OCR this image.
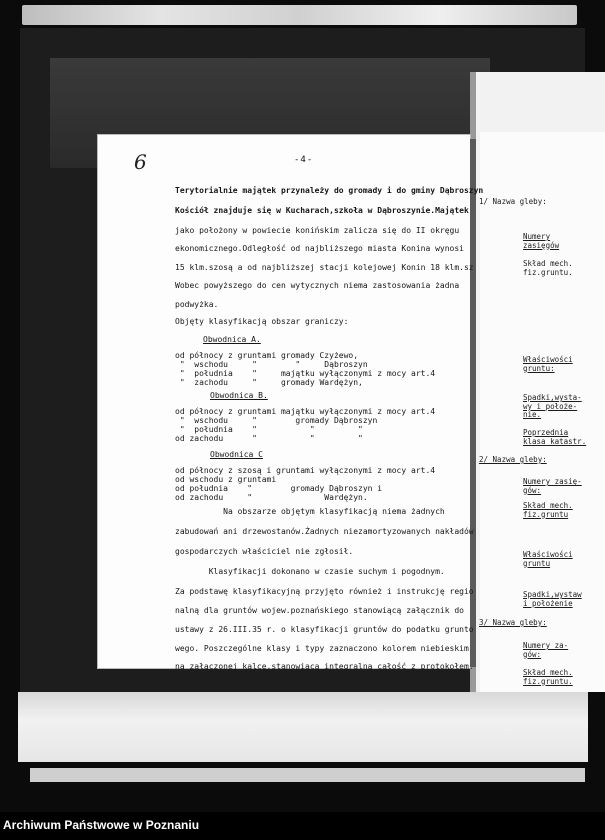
1/ Nazwa gleby:
Numery
zasięgów
Skład mech.
fiz.gruntu.
Właściwości
gruntu:
Spadki,wysta-
wy i położe-
nie.
Poprzednia
klasa katastr.
2/ Nazwa gleby:
Numery zasię-
gów:
Skład mech.
fiz.gruntu
Właściwości
gruntu
Spadki,wystaw
i położenie
3/ Nazwa gleby:
Numery za-
gów:
Skład mech.
fiz.gruntu.
6	-4-
Terytorialnie majątek przynależy do gromady i do gminy Dąbroszyn
Kościół znajduje się w Kucharach,szkoła w Dąbroszynie.Majątek
jako położony w powiecie konińskim zalicza się do II okręgu
ekonomicznego.Odległość od najbliższego miasta Konina wynosi
15 klm.szosą a od najbliższej stacji kolejowej Konin 18 klm.sz
Wobec powyższego do cen wytycznych niema zastosowania żadna
podwyżka.
Objęty klasyfikacją obszar graniczy:
Obwodnica A.
od północy z gruntami gromady Czyżewo,
"  wschodu     "        "     Dąbroszyn
"  południa    "     majątku wyłączonymi z mocy art.4
"  zachodu     "     gromady Wardężyn,
Obwodnica B.
od północy z gruntami majątku wyłączonymi z mocy art.4
"  wschodu     "        gromady Dąbroszyn
"  południa    "           "         "
od zachodu      "           "         "
Obwodnica C
od północy z szosą i gruntami wyłączonymi z mocy art.4
od wschodu z gruntami
od południa    "        gromady Dąbroszyn i
od zachodu     "               Wardężyn.
Na obszarze objętym klasyfikacją niema żadnych
zabudowań ani drzewostanów.Żadnych niezamortyzowanych nakładów
gospodarczych właściciel nie zgłosił.
Klasyfikacji dokonano w czasie suchym i pogodnym.
Za podstawę klasyfikacyjną przyjęto również i instrukcję regio
nalną dla gruntów wojew.poznańskiego stanowiącą załącznik do
ustawy z 26.III.35 r. o klasyfikacji gruntów do podatku grunto
wego. Poszczególne klasy i typy zaznaczono kolorem niebieskim
na załączonej kalce,stanowiącą integralną całość z protokołem.
Archiwum Państwowe w Poznaniu
